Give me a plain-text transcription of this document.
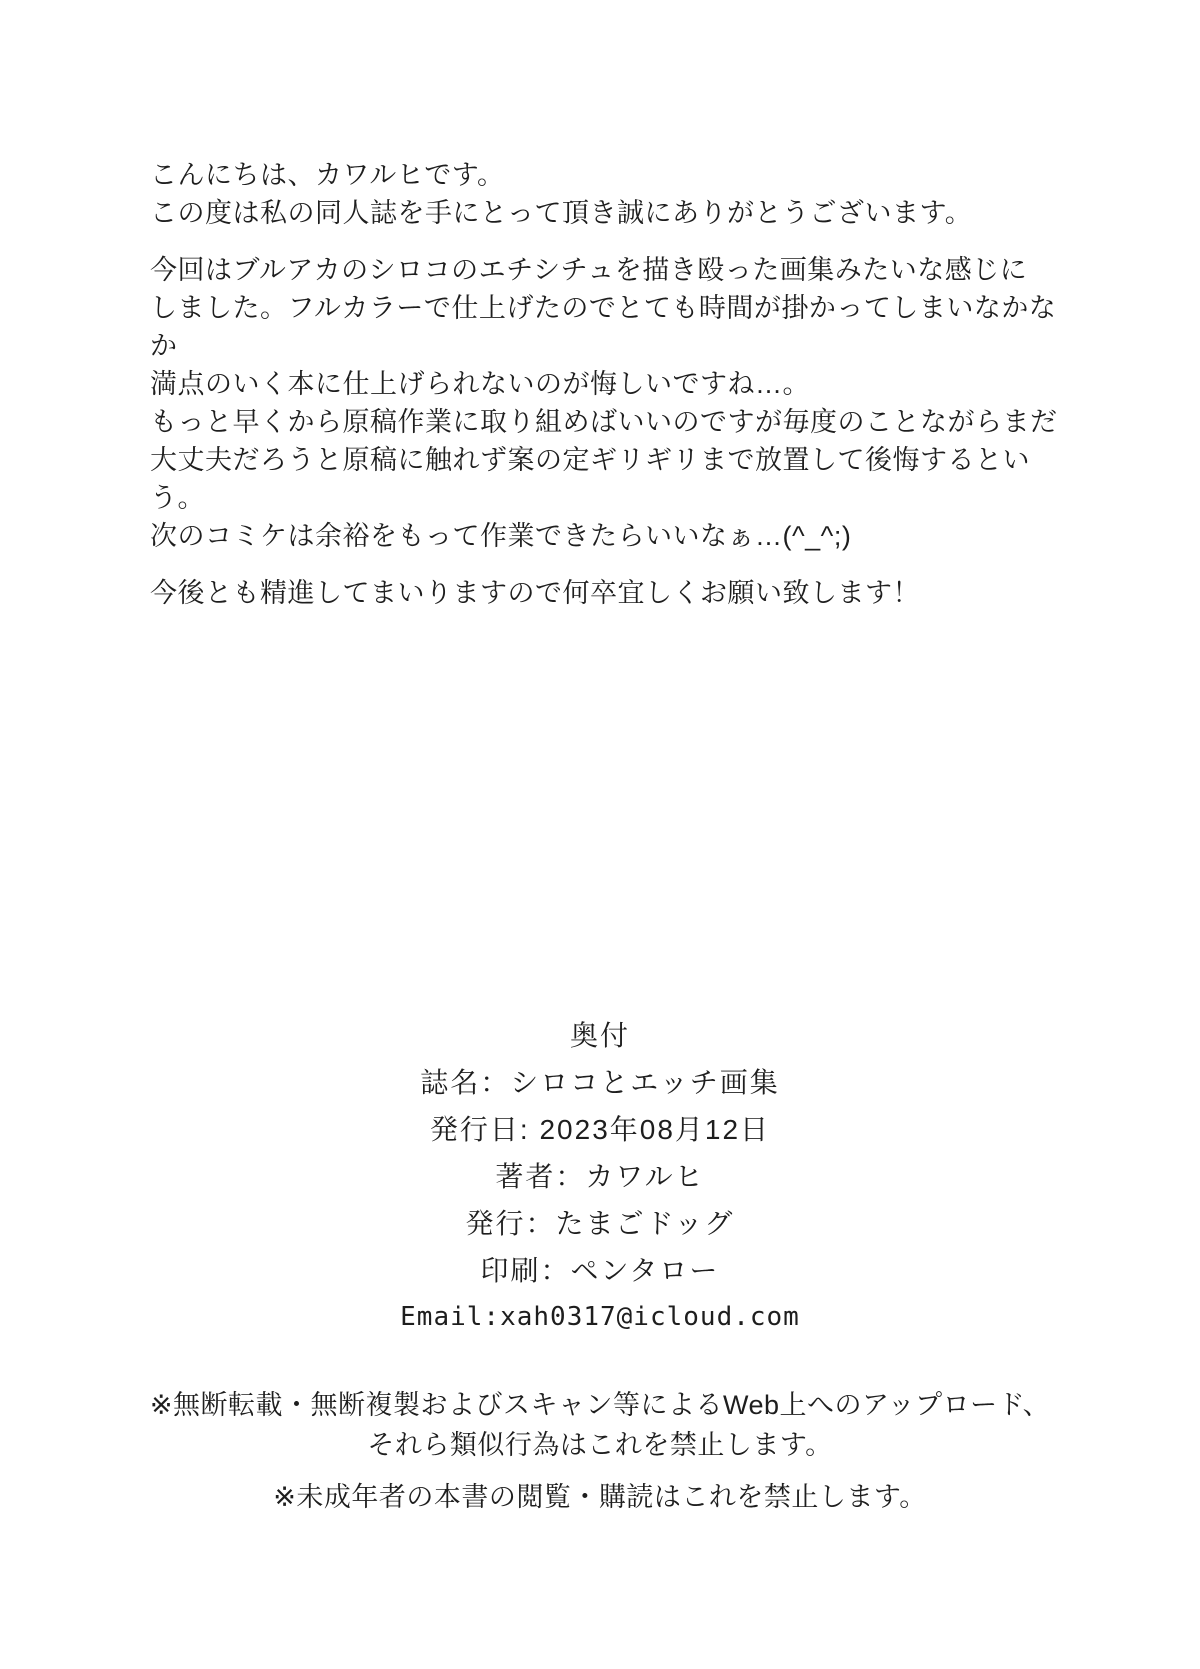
こんにちは、カワルヒです。
この度は私の同人誌を手にとって頂き誠にありがとうございます。
今回はブルアカのシロコのエチシチュを描き殴った画集みたいな感じに
しました。フルカラーで仕上げたのでとても時間が掛かってしまいなかなか
満点のいく本に仕上げられないのが悔しいですね…。
もっと早くから原稿作業に取り組めばいいのですが毎度のことながらまだ
大丈夫だろうと原稿に触れず案の定ギリギリまで放置して後悔するという。
次のコミケは余裕をもって作業できたらいいなぁ…(^_^;)
今後とも精進してまいりますので何卒宜しくお願い致します！
奥付
誌名：シロコとエッチ画集
発行日: 2023年08月12日
著者：カワルヒ
発行：たまごドッグ
印刷：ペンタロー
Email:xah0317@icloud.com
※無断転載・無断複製およびスキャン等によるWeb上へのアップロード、
それら類似行為はこれを禁止します。
※未成年者の本書の閲覧・購読はこれを禁止します。
